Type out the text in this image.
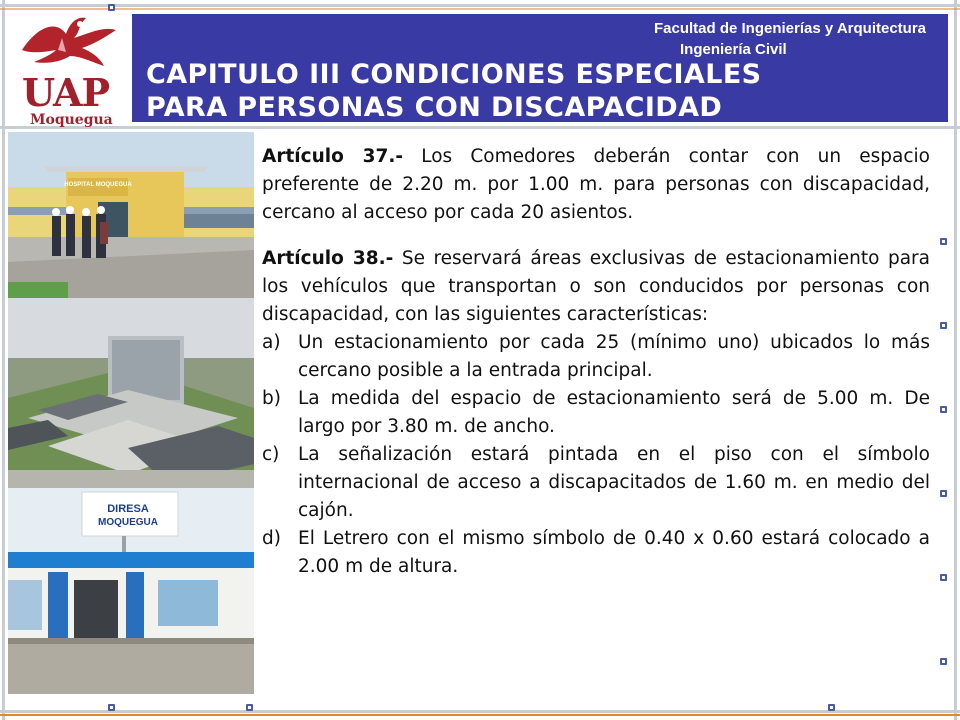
UAP
Moquegua
Facultad de Ingenierías y Arquitectura
Ingeniería Civil
CAPITULO III CONDICIONES ESPECIALES
PARA PERSONAS CON DISCAPACIDAD
HOSPITAL MOQUEGUA
DIRESA
MOQUEGUA

Artículo 37.- Los Comedores deberán contar con un espacio preferente de 2.20 m. por 1.00 m. para personas con discapacidad, cercano al acceso por cada 20 asientos.

Artículo 38.- Se reservará áreas exclusivas de estacionamiento para los vehículos que transportan o son conducidos por personas con discapacidad, con las siguientes características:

a) Un estacionamiento por cada 25 (mínimo uno) ubicados lo más cercano posible a la entrada principal.
b) La medida del espacio de estacionamiento será de 5.00 m. De largo por 3.80 m. de ancho.
c) La señalización estará pintada en el piso con el símbolo internacional de acceso a discapacitados de 1.60 m. en medio del cajón.
d) El Letrero con el mismo símbolo de 0.40 x 0.60 estará colocado a 2.00 m de altura.
